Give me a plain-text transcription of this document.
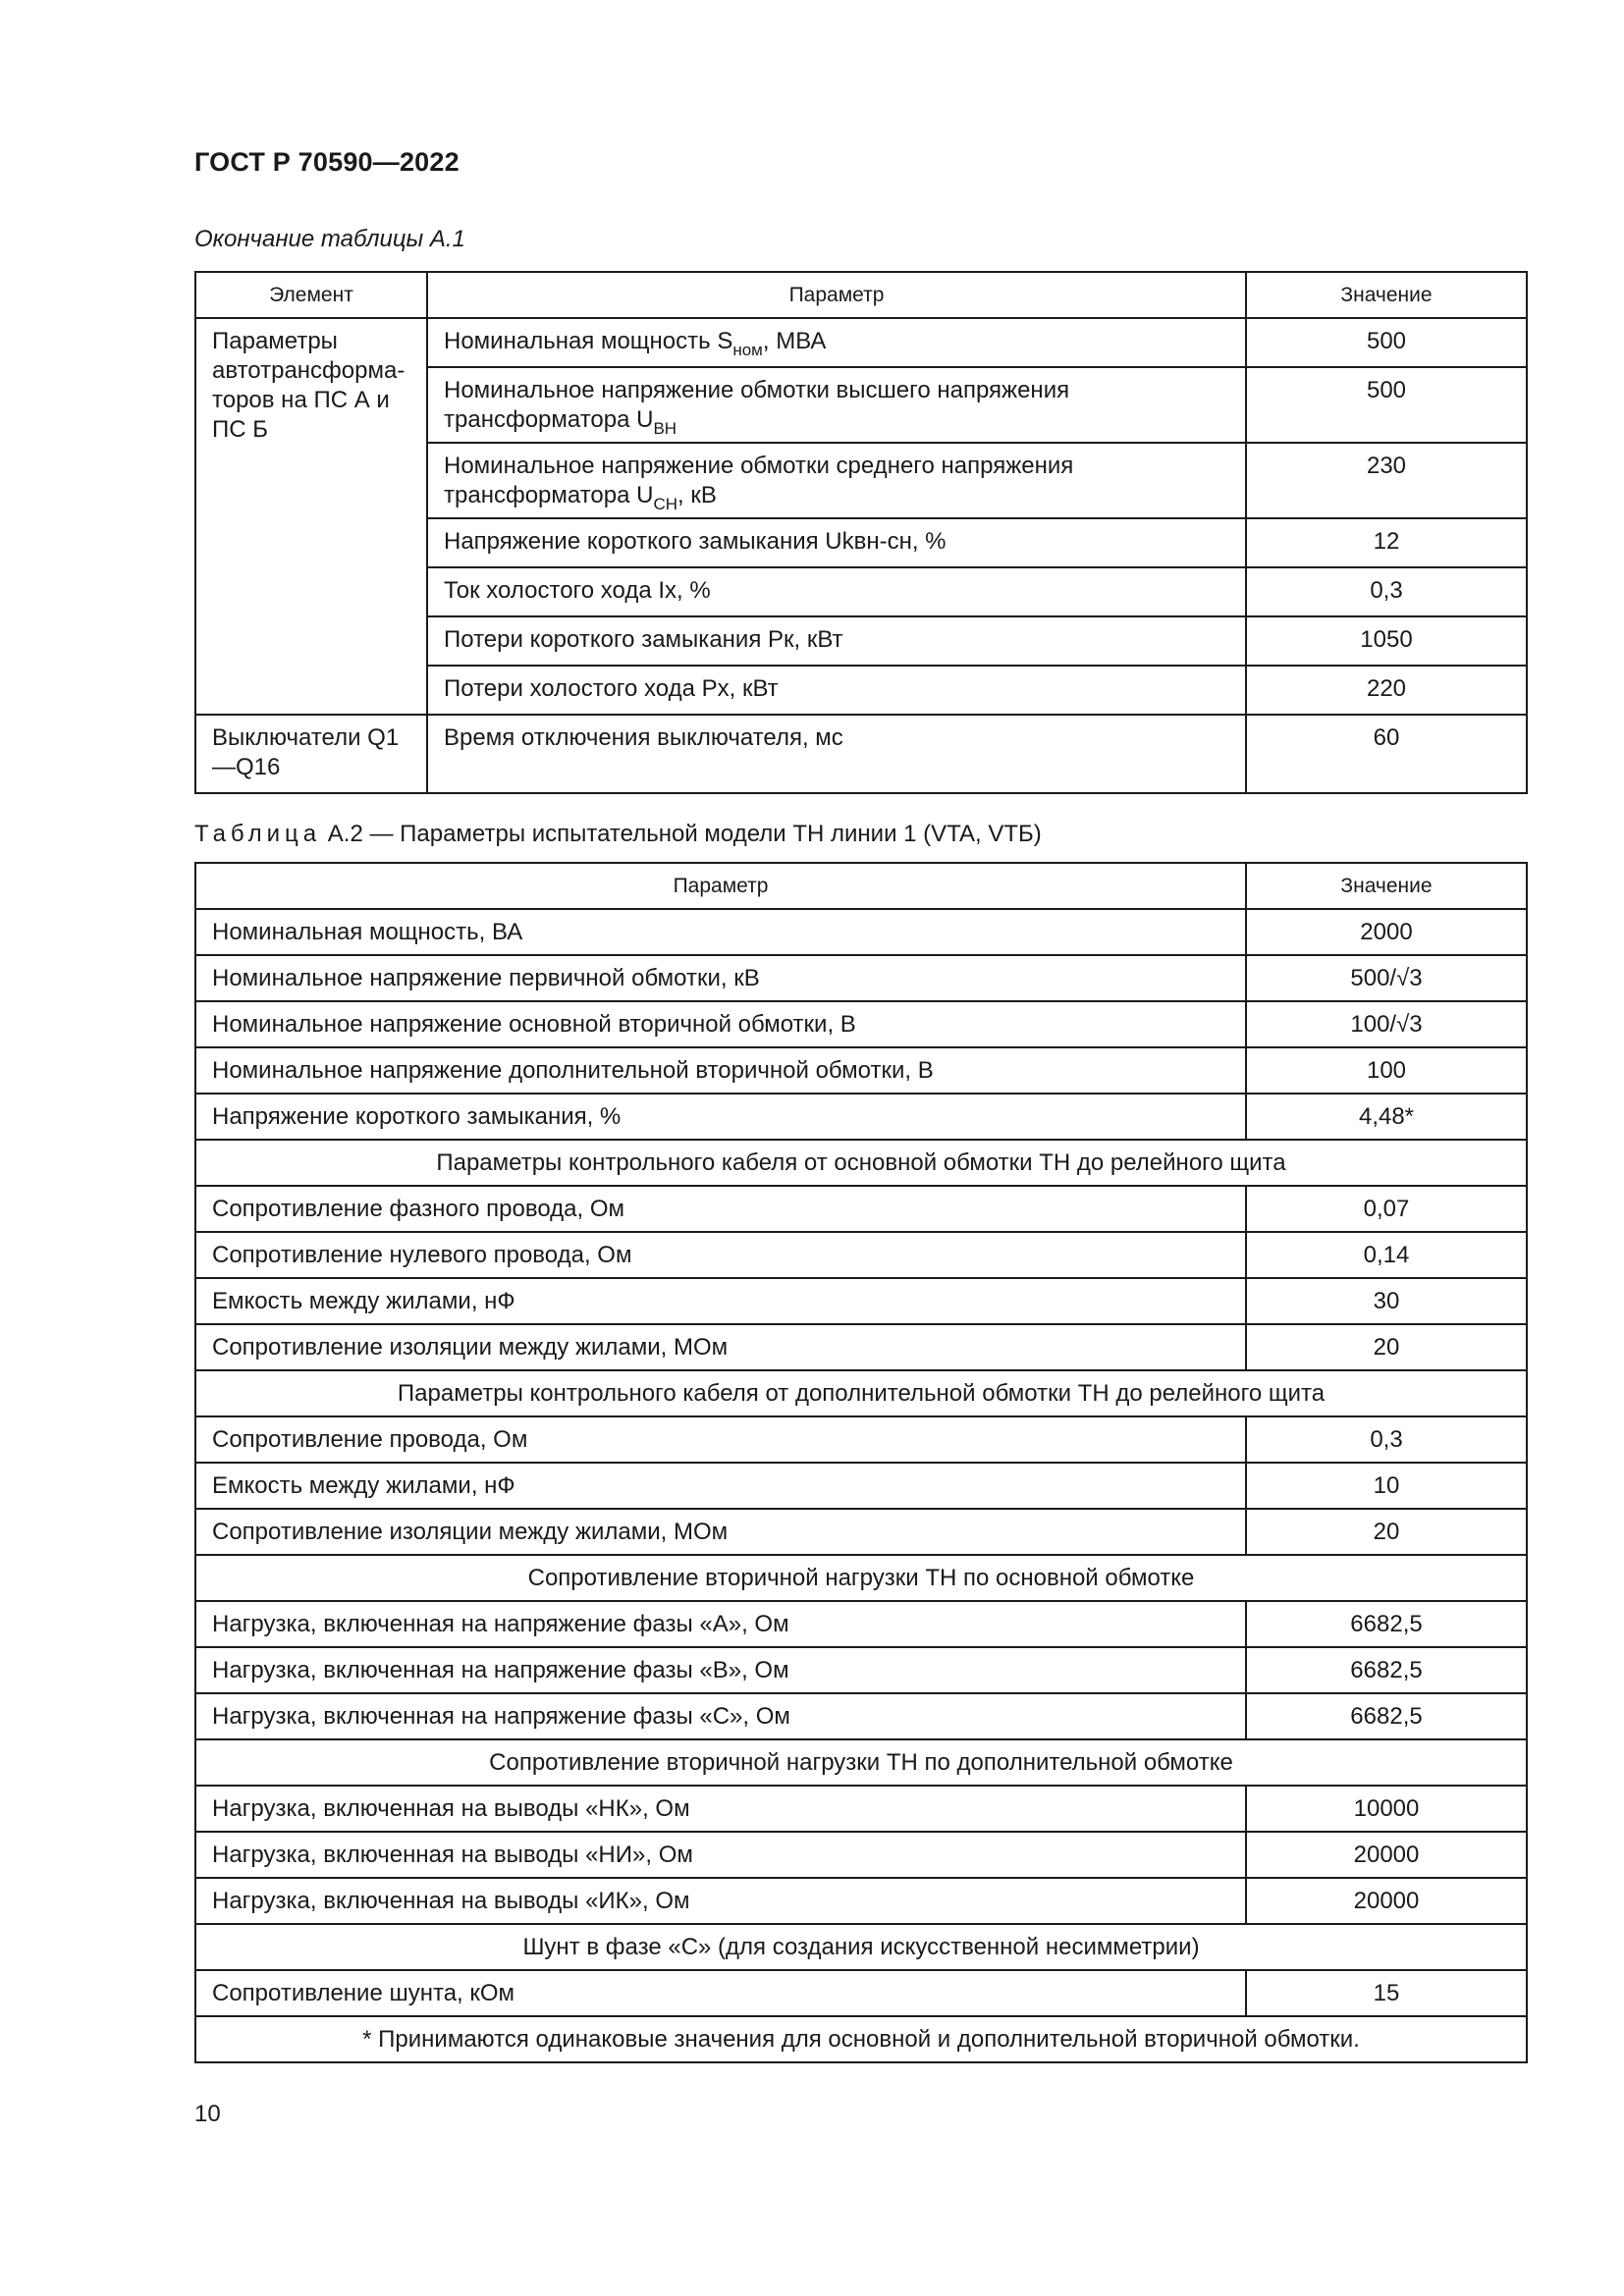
ГОСТ Р 70590—2022
Окончание таблицы А.1
Элемент	Параметр	Значение
Параметры автотрансформа-торов на ПС А и ПС Б	Номинальная мощность $S_{ном}$, МВА	500
	Номинальное напряжение обмотки высшего напряжения трансформатора $U_{ВН}$	500
	Номинальное напряжение обмотки среднего напряжения трансформатора $U_{СН}$, кВ	230
	Напряжение короткого замыкания Ukвн-сн, %	12
	Ток холостого хода Iх, %	0,3
	Потери короткого замыкания Рк, кВт	1050
	Потери холостого хода Рх, кВт	220
Выключатели Q1—Q16	Время отключения выключателя, мс	60
Таблица А.2 — Параметры испытательной модели ТН линии 1 (VTA, VTБ)
Параметр	Значение
Номинальная мощность, ВА	2000
Номинальное напряжение первичной обмотки, кВ	500/√3
Номинальное напряжение основной вторичной обмотки, В	100/√3
Номинальное напряжение дополнительной вторичной обмотки, В	100
Напряжение короткого замыкания, %	4,48*
Параметры контрольного кабеля от основной обмотки ТН до релейного щита	
Сопротивление фазного провода, Ом	0,07
Сопротивление нулевого провода, Ом	0,14
Емкость между жилами, нФ	30
Сопротивление изоляции между жилами, МОм	20
Параметры контрольного кабеля от дополнительной обмотки ТН до релейного щита	
Сопротивление провода, Ом	0,3
Емкость между жилами, нФ	10
Сопротивление изоляции между жилами, МОм	20
Сопротивление вторичной нагрузки ТН по основной обмотке	
Нагрузка, включенная на напряжение фазы «А», Ом	6682,5
Нагрузка, включенная на напряжение фазы «В», Ом	6682,5
Нагрузка, включенная на напряжение фазы «С», Ом	6682,5
Сопротивление вторичной нагрузки ТН по дополнительной обмотке	
Нагрузка, включенная на выводы «НК», Ом	10000
Нагрузка, включенная на выводы «НИ», Ом	20000
Нагрузка, включенная на выводы «ИК», Ом	20000
Шунт в фазе «С» (для создания искусственной несимметрии)	
Сопротивление шунта, кОм	15
* Принимаются одинаковые значения для основной и дополнительной вторичной обмотки.	
10
